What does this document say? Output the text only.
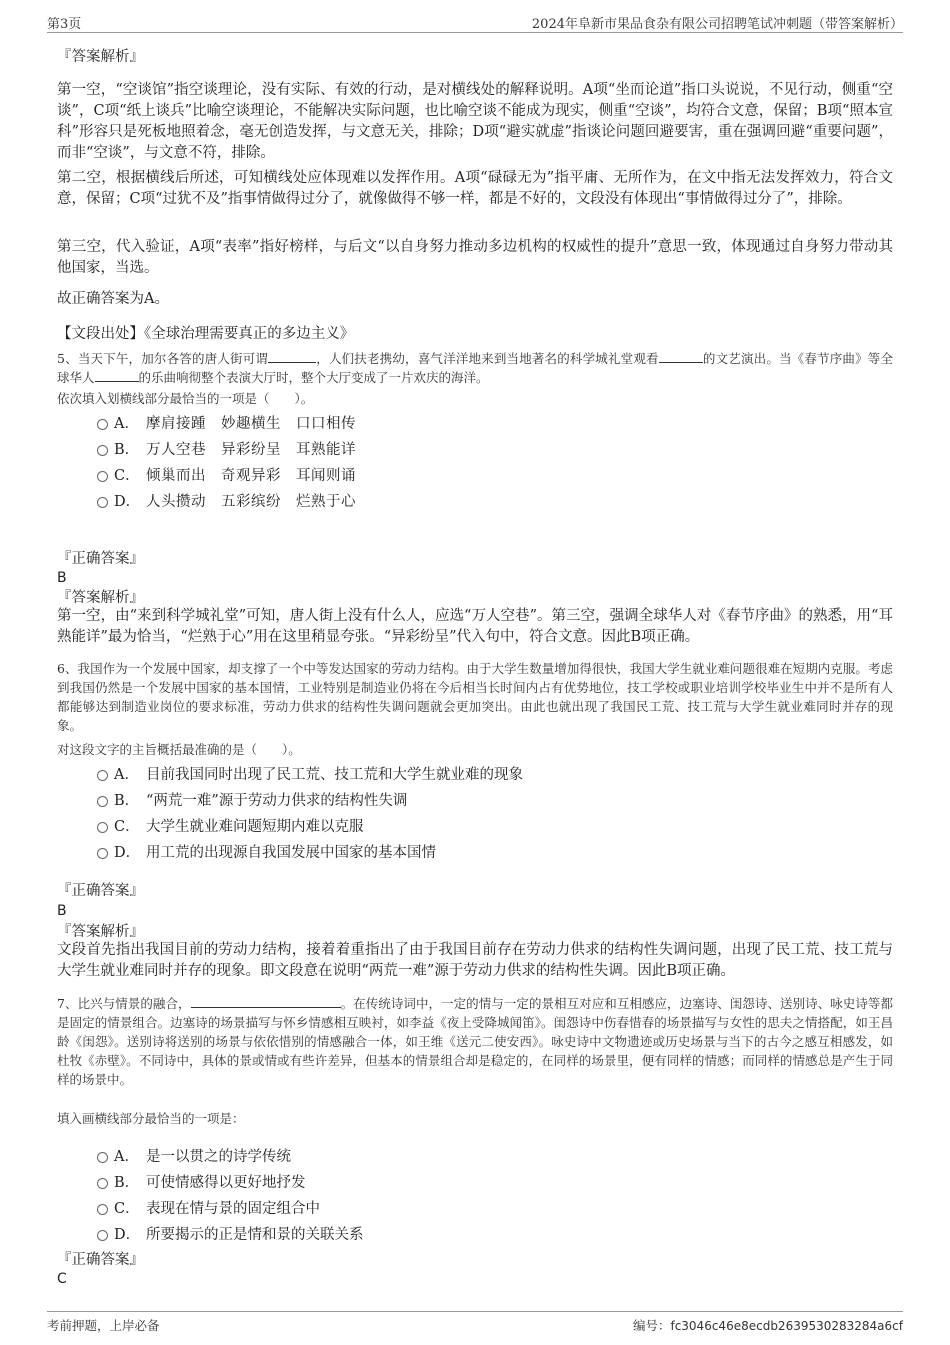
第3页	2024年阜新市果品食杂有限公司招聘笔试冲刺题（带答案解析）
『答案解析』
第一空，“空谈馆”指空谈理论，没有实际、有效的行动，是对横线处的解释说明。A项“坐而论道”指口头说说，不见行动，侧重“空谈”，C项“纸上谈兵”比喻空谈理论，不能解决实际问题，也比喻空谈不能成为现实，侧重“空谈”，均符合文意，保留；B项“照本宣科”形容只是死板地照着念，毫无创造发挥，与文意无关，排除；D项“避实就虚”指谈论问题回避要害，重在强调回避“重要问题”，而非“空谈”，与文意不符，排除。
第二空，根据横线后所述，可知横线处应体现难以发挥作用。A项“碌碌无为”指平庸、无所作为，在文中指无法发挥效力，符合文意，保留；C项“过犹不及”指事情做得过分了，就像做得不够一样，都是不好的，文段没有体现出“事情做得过分了”，排除。
第三空，代入验证，A项“表率”指好榜样，与后文“以自身努力推动多边机构的权威性的提升”意思一致，体现通过自身努力带动其他国家，当选。
故正确答案为A。
【文段出处】《全球治理需要真正的多边主义》
5、当天下午，加尔各答的唐人街可谓	，人们扶老携幼，喜气洋洋地来到当地著名的科学城礼堂观看	的文艺演出。当《春节序曲》等全球华人	的乐曲响彻整个表演大厅时，整个大厅变成了一片欢庆的海洋。
依次填入划横线部分最恰当的一项是（　　）。
A． 摩肩接踵　妙趣横生　口口相传
B． 万人空巷　异彩纷呈　耳熟能详
C． 倾巢而出　奇观异彩　耳闻则诵
D． 人头攒动　五彩缤纷　烂熟于心
『正确答案』
B
『答案解析』
第一空，由“来到科学城礼堂”可知，唐人街上没有什么人，应选“万人空巷”。第三空，强调全球华人对《春节序曲》的熟悉，用“耳熟能详”最为恰当，“烂熟于心”用在这里稍显夸张。“异彩纷呈”代入句中，符合文意。因此B项正确。
6、我国作为一个发展中国家，却支撑了一个中等发达国家的劳动力结构。由于大学生数量增加得很快，我国大学生就业难问题很难在短期内克服。考虑到我国仍然是一个发展中国家的基本国情，工业特别是制造业仍将在今后相当长时间内占有优势地位，技工学校或职业培训学校毕业生中并不是所有人都能够达到制造业岗位的要求标准，劳动力供求的结构性失调问题就会更加突出。由此也就出现了我国民工荒、技工荒与大学生就业难同时并存的现象。
对这段文字的主旨概括最准确的是（　　）。
A． 目前我国同时出现了民工荒、技工荒和大学生就业难的现象
B． “两荒一难”源于劳动力供求的结构性失调
C． 大学生就业难问题短期内难以克服
D． 用工荒的出现源自我国发展中国家的基本国情
『正确答案』
B
『答案解析』
文段首先指出我国目前的劳动力结构，接着着重指出了由于我国目前存在劳动力供求的结构性失调问题，出现了民工荒、技工荒与大学生就业难同时并存的现象。即文段意在说明“两荒一难”源于劳动力供求的结构性失调。因此B项正确。
7、比兴与情景的融合，	。在传统诗词中，一定的情与一定的景相互对应和互相感应，边塞诗、闺怨诗、送别诗、咏史诗等都是固定的情景组合。边塞诗的场景描写与怀乡情感相互映衬，如李益《夜上受降城闻笛》。闺怨诗中伤春惜春的场景描写与女性的思夫之情搭配，如王昌龄《闺怨》。送别诗将送别的场景与依依惜别的情感融合一体，如王维《送元二使安西》。咏史诗中文物遗迹或历史场景与当下的古今之感互相感发，如杜牧《赤壁》。不同诗中，具体的景或情或有些许差异，但基本的情景组合却是稳定的，在同样的场景里，便有同样的情感；而同样的情感总是产生于同样的场景中。
填入画横线部分最恰当的一项是：
A． 是一以贯之的诗学传统
B． 可使情感得以更好地抒发
C． 表现在情与景的固定组合中
D． 所要揭示的正是情和景的关联关系
『正确答案』
C
考前押题，上岸必备	编号：fc3046c46e8ecdb2639530283284a6cf
